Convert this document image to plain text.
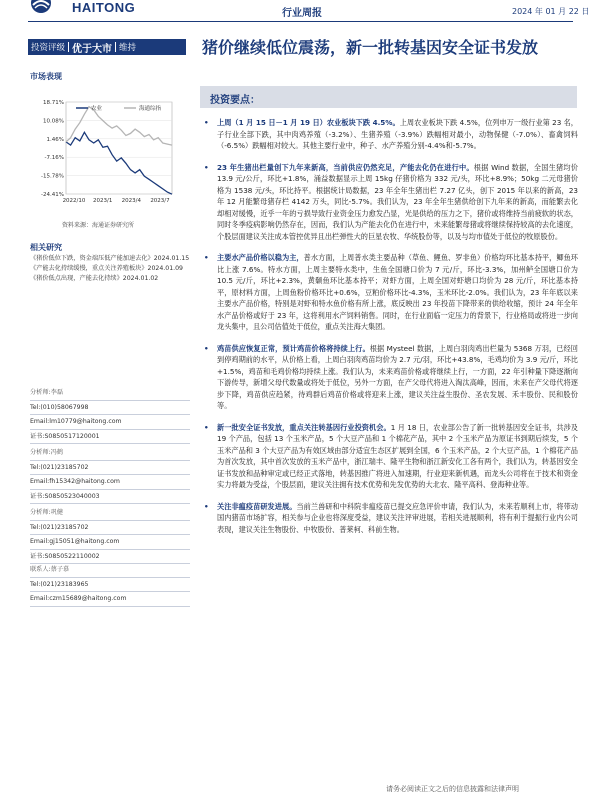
HAITONG	行业周报	2024 年 01 月 22 日
投资评级 优于大市 维持	猪价继续低位震荡，新一批转基因安全证书发放
市场表现
18.71%
10.08%
1.46%
-7.16%
-15.78%
-24.41%
2022/10 2023/1 2023/4 2023/7
农业	海通综指
资料来源：海通证券研究所
相关研究
《猪价低位下跌，资金端压低产能加速去化》2024.01.15
《产能去化持续缓慢，重点关注养殖板块》2024.01.09
《猪价低点出现，产能去化持续》2024.01.02
分析师:李磊
Tel:(010)58067998
Email:lm10779@haitong.com
证书:S0850517120001
分析师:冯鹤
Tel:(021)23185702
Email:fh15342@haitong.com
证书:S0850523040003
分析师:巩健
Tel:(021)23185702
Email:gj15051@haitong.com
证书:S0850522110002
联系人:蔡子慕
Tel:(021)23183965
Email:czm15689@haitong.com
投资要点：
• 上周（1 月 15 日－1 月 19 日）农业板块下跌 4.5%。上周农业板块下跌 4.5%，位列申万一级行业第 23 名，子行业全部下跌，其中肉鸡养殖（-3.2%）、生猪养殖（-3.9%）跌幅相对最小，动物保健（-7.0%）、畜禽饲料（-6.5%）跌幅相对较大。其他主要行业中，种子、水产养殖分别-4.4%和-5.7%。
• 23 年生猪出栏量创下九年来新高，当前供应仍然充足，产能去化仍在进行中。根据 Wind 数据，全国生猪均价 13.9 元/公斤，环比+1.8%，涌益数据显示上周 15kg 仔猪价格为 332 元/头，环比+8.9%；50kg 二元母猪价格为 1538 元/头，环比持平。根据统计局数据，23 年全年生猪出栏 7.27 亿头，创下 2015 年以来的新高，23 年 12 月能繁母猪存栏 4142 万头，同比-5.7%。我们认为，23 年全年生猪供给创下九年来的新高，而能繁去化却相对缓慢，近乎一年的亏损导致行业资金压力愈发凸显，光是供给的压力之下，猪价或将维持当前疲软的状态，同时冬季疫病影响仍然存在，因而，我们认为产能去化仍在进行中，未来能繁母猪或将继续保持较高的去化速度，个股层面建议关注成本管控优异且出栏弹性大的巨星农牧、华统股份等，以及与均市值处于低位的牧原股份。
• 主要水产品价格以稳为主，普水方面，上周普水类主要品种（草鱼、鲤鱼、罗非鱼）价格均环比基本持平，鲫鱼环比上涨 7.6%。特水方面，上周主要特水类中，生鱼全国塘口价为 7 元/斤，环比-3.3%，加州鲈全国塘口价为 10.5 元/斤，环比+2.3%，黄颡鱼环比基本持平；对虾方面，上周全国对虾塘口均价为 28 元/斤，环比基本持平，原材料方面，上周鱼粉价格环比+0.6%，豆粕价格环比-4.3%，玉米环比-2.0%。我们认为，23 年年底以来主要水产品价格，特别是对虾和特水鱼价格有所上涨，底反映出 23 年投苗下降带来的供给收缩，预计 24 年全年水产品价格或好于 23 年，这将利用水产饲料销售。同时，在行业面临一定压力的背景下，行业格局或将进一步向龙头集中，且公司估值处于低位，重点关注海大集团。
• 鸡苗供应恢复正常，预计鸡苗价格将持续上行。根据 Mysteel 数据，上周白羽肉鸡出栏量为 5368 万羽，已经回到停鸡期前的水平，从价格上看，上周白羽肉鸡苗均价为 2.7 元/羽，环比+43.8%，毛鸡均价为 3.9 元/斤，环比+1.5%，鸡苗和毛鸡价格均持续上涨。我们认为，未来鸡苗价格或将继续上行，一方面，22 年引种量下降逐渐向下游传导，新增父母代数量或将处于低位，另外一方面，在产父母代将进入淘汰高峰，因而，未来在产父母代将逐步下降，鸡苗供应趋紧，待鸡群后鸡苗价格或将迎来上涨，建议关注益生股份、圣农发展、禾丰股份、民和股份等。
• 新一批安全证书发放，重点关注转基因行业投资机会。1 月 18 日，农业部公告了新一批转基因安全证书，共涉及 19 个产品，包括 13 个玉米产品，5 个大豆产品和 1 个棉花产品，其中 2 个玉米产品为原证书到期后续发，5 个玉米产品和 3 个大豆产品为有效区域由部分适宜生态区扩展到全国，6 个玉米产品，2 个大豆产品，1 个棉花产品为首次发放，其中首次发放的玉米产品中，浙江瑞丰、隆平生物和浙江新安化工各有两个，我们认为，转基因安全证书发放和品种审定或已经正式落地，转基因推广将进入加速期，行业迎来新机遇，而龙头公司将在于技术和资金实力将最为受益，个股层面，建议关注拥有技术优势和先发优势的大北农、隆平高科、登海种业等。
• 关注非瘟疫苗研发进展。当前兰兽研和中科院非瘟疫苗已提交应急评价申请，我们认为，未来若顺利上市，将带动国内猪苗市场扩容，相关参与企业也将深度受益，建议关注评审进展，若相关进展顺利，将有利于提振行业内公司表现，建议关注生物股份、中牧股份、普莱柯、科前生物。
请务必阅读正文之后的信息披露和法律声明
